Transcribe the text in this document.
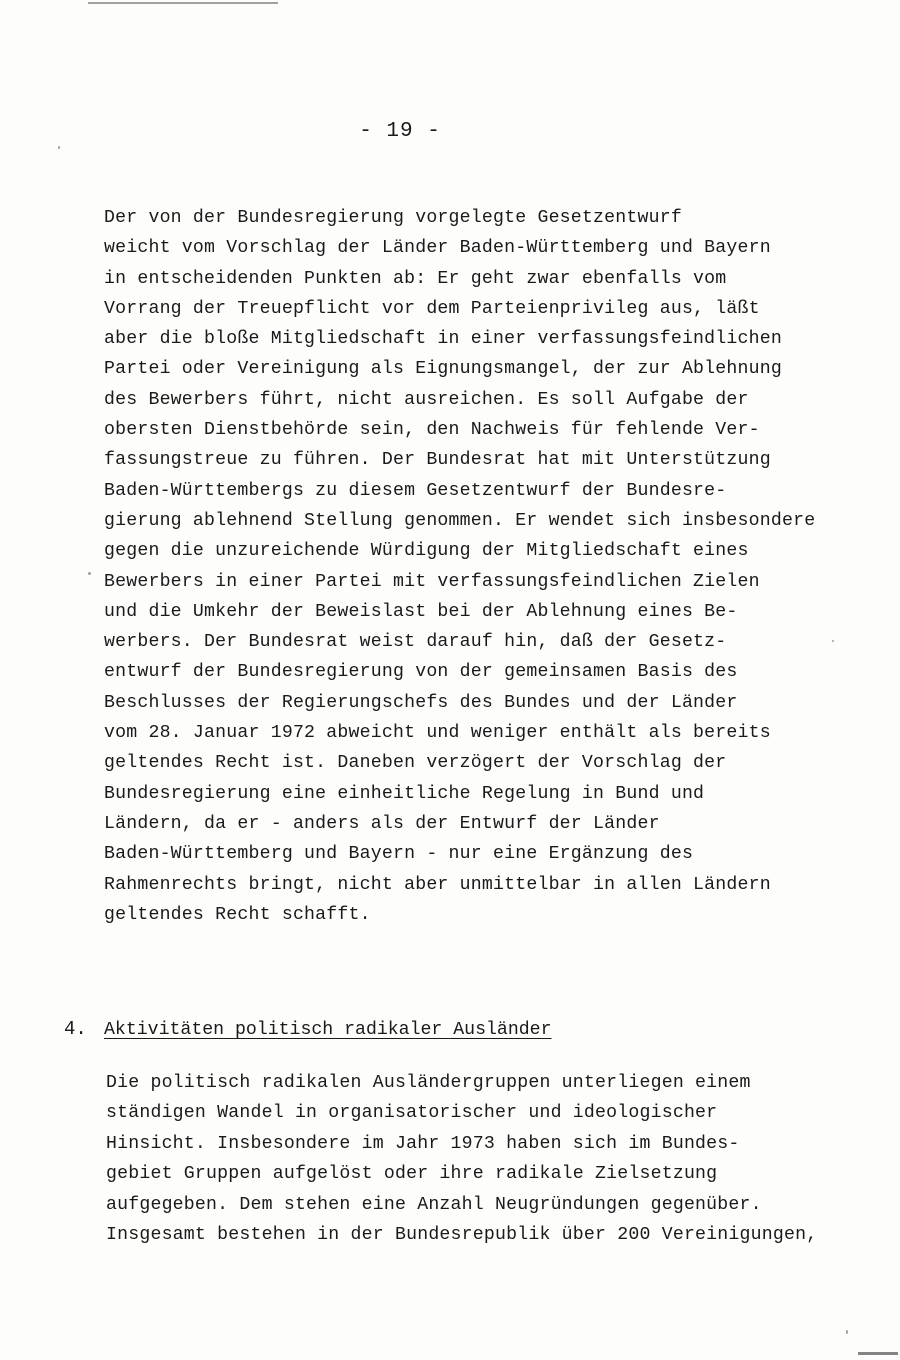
- 19 -

Der von der Bundesregierung vorgelegte Gesetzentwurf
weicht vom Vorschlag der Länder Baden-Württemberg und Bayern
in entscheidenden Punkten ab: Er geht zwar ebenfalls vom
Vorrang der Treuepflicht vor dem Parteienprivileg aus, läßt
aber die bloße Mitgliedschaft in einer verfassungsfeindlichen
Partei oder Vereinigung als Eignungsmangel, der zur Ablehnung
des Bewerbers führt, nicht ausreichen. Es soll Aufgabe der
obersten Dienstbehörde sein, den Nachweis für fehlende Ver-
fassungstreue zu führen. Der Bundesrat hat mit Unterstützung
Baden-Württembergs zu diesem Gesetzentwurf der Bundesre-
gierung ablehnend Stellung genommen. Er wendet sich insbesondere
gegen die unzureichende Würdigung der Mitgliedschaft eines
Bewerbers in einer Partei mit verfassungsfeindlichen Zielen
und die Umkehr der Beweislast bei der Ablehnung eines Be-
werbers. Der Bundesrat weist darauf hin, daß der Gesetz-
entwurf der Bundesregierung von der gemeinsamen Basis des
Beschlusses der Regierungschefs des Bundes und der Länder
vom 28. Januar 1972 abweicht und weniger enthält als bereits
geltendes Recht ist. Daneben verzögert der Vorschlag der
Bundesregierung eine einheitliche Regelung in Bund und
Ländern, da er - anders als der Entwurf der Länder
Baden-Württemberg und Bayern - nur eine Ergänzung des
Rahmenrechts bringt, nicht aber unmittelbar in allen Ländern
geltendes Recht schafft.

4. Aktivitäten politisch radikaler Ausländer

Die politisch radikalen Ausländergruppen unterliegen einem
ständigen Wandel in organisatorischer und ideologischer
Hinsicht. Insbesondere im Jahr 1973 haben sich im Bundes-
gebiet Gruppen aufgelöst oder ihre radikale Zielsetzung
aufgegeben. Dem stehen eine Anzahl Neugründungen gegenüber.
Insgesamt bestehen in der Bundesrepublik über 200 Vereinigungen,
